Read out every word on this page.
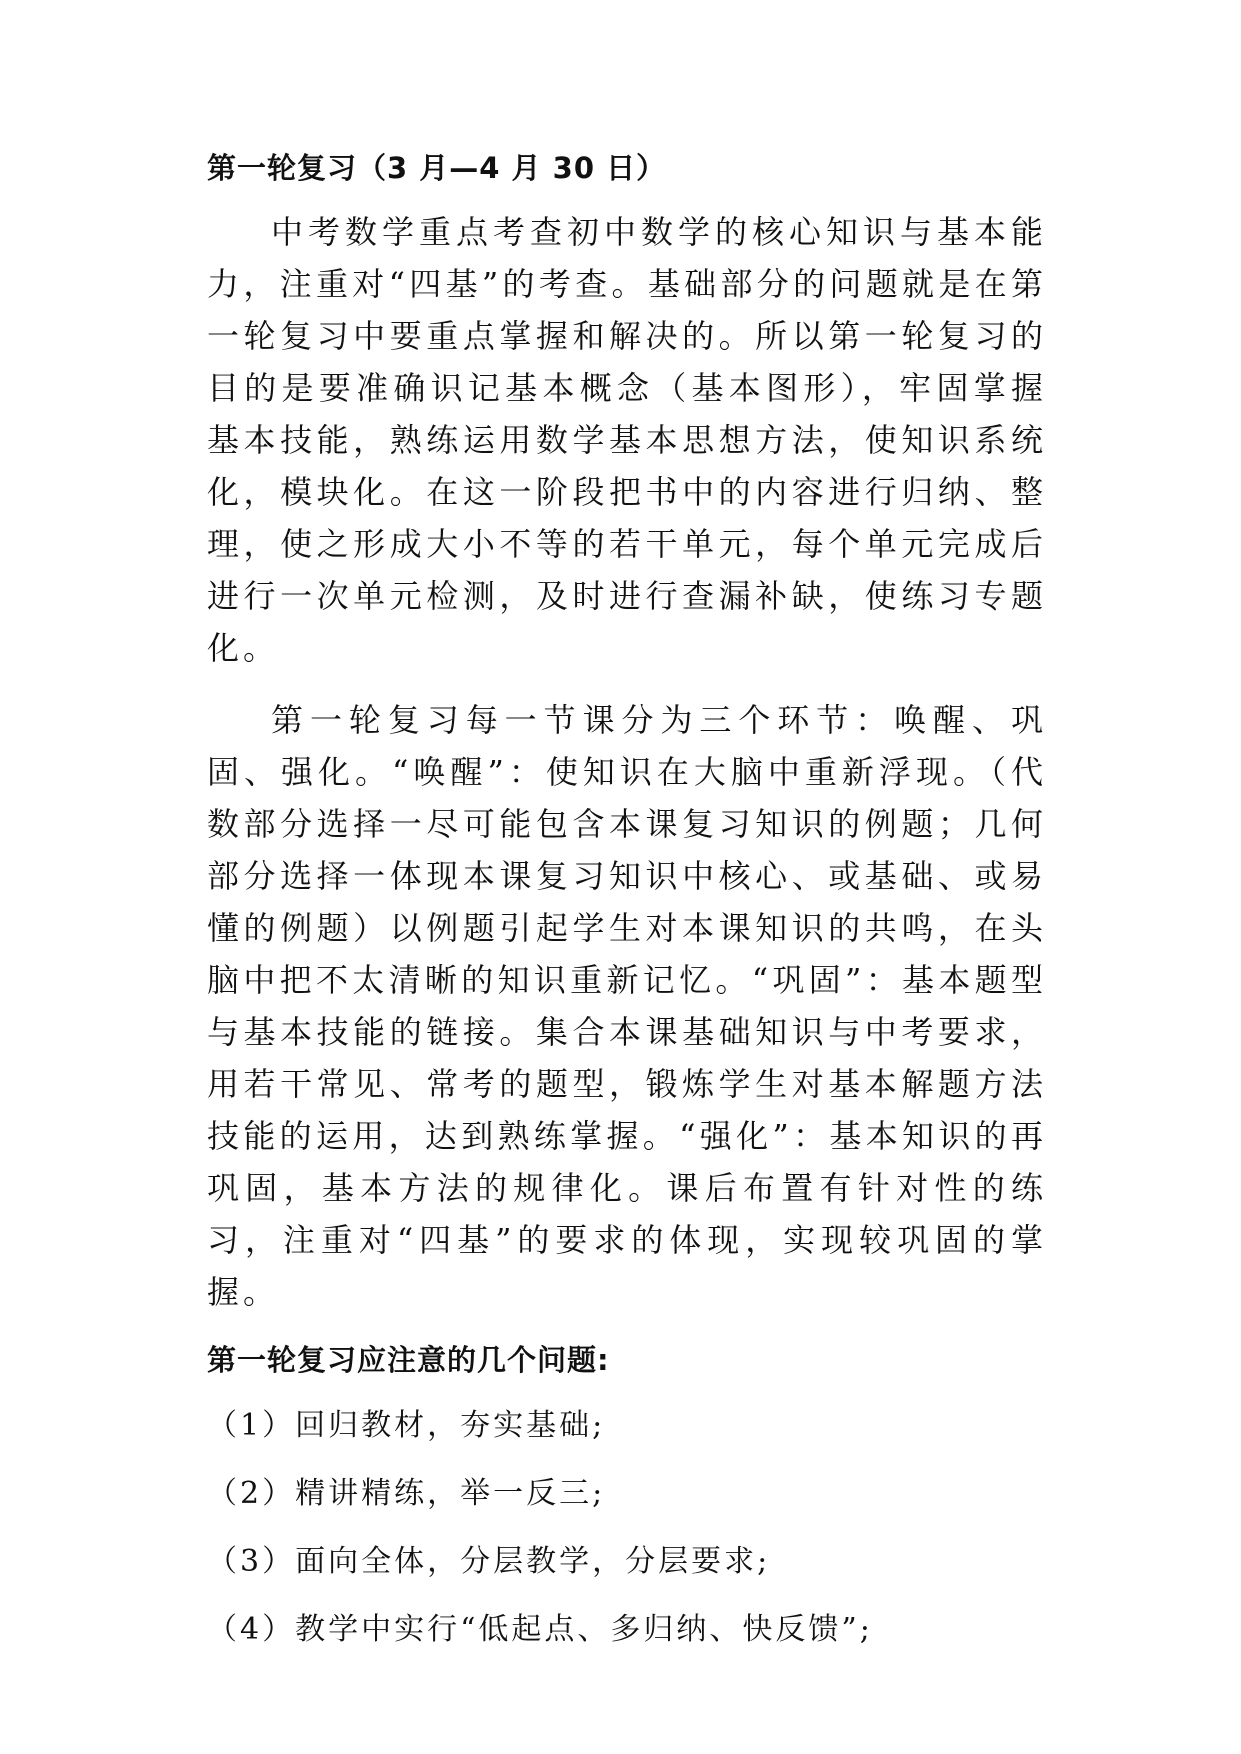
第一轮复习（3 月—4 月 30 日）

中考数学重点考查初中数学的核心知识与基本能力，注重对“四基”的考查。基础部分的问题就是在第一轮复习中要重点掌握和解决的。所以第一轮复习的目的是要准确识记基本概念（基本图形），牢固掌握基本技能，熟练运用数学基本思想方法，使知识系统化，模块化。在这一阶段把书中的内容进行归纳、整理，使之形成大小不等的若干单元，每个单元完成后进行一次单元检测，及时进行查漏补缺，使练习专题化。

第一轮复习每一节课分为三个环节：唤醒、巩固、强化。“唤醒”：使知识在大脑中重新浮现。（代数部分选择一尽可能包含本课复习知识的例题；几何部分选择一体现本课复习知识中核心、或基础、或易懂的例题）以例题引起学生对本课知识的共鸣，在头脑中把不太清晰的知识重新记忆。“巩固”：基本题型与基本技能的链接。集合本课基础知识与中考要求，用若干常见、常考的题型，锻炼学生对基本解题方法技能的运用，达到熟练掌握。“强化”：基本知识的再巩固，基本方法的规律化。课后布置有针对性的练习，注重对“四基”的要求的体现，实现较巩固的掌握。

第一轮复习应注意的几个问题:
（1）回归教材，夯实基础;
（2）精讲精练，举一反三;
（3）面向全体，分层教学，分层要求;
（4）教学中实行“低起点、多归纳、快反馈”;
